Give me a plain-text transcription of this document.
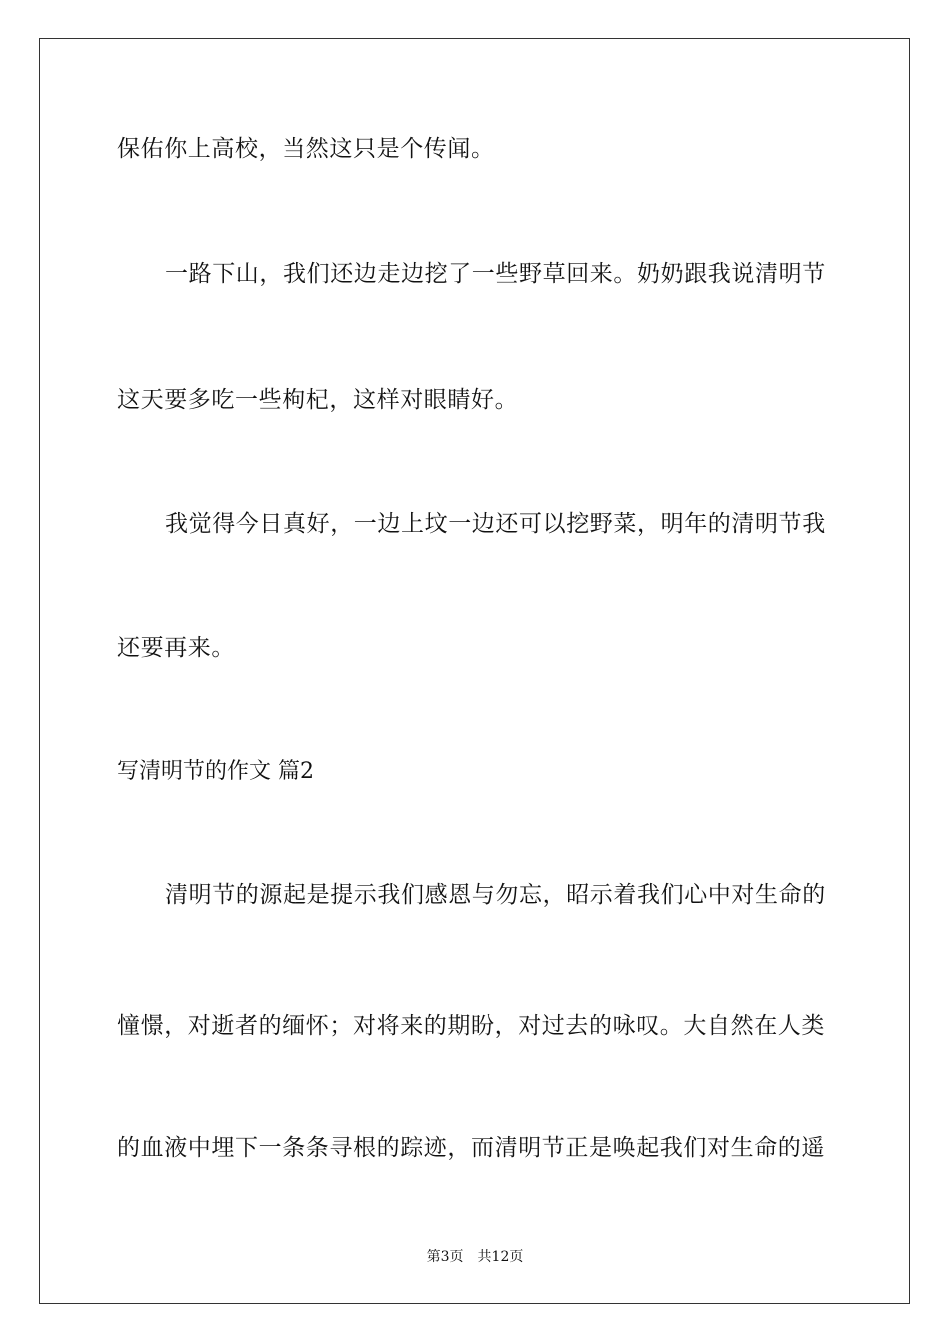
保佑你上高校，当然这只是个传闻。
一路下山，我们还边走边挖了一些野草回来。奶奶跟我说清明节
这天要多吃一些枸杞，这样对眼睛好。
我觉得今日真好，一边上坟一边还可以挖野菜，明年的清明节我
还要再来。
写清明节的作文 篇2
清明节的源起是提示我们感恩与勿忘，昭示着我们心中对生命的
憧憬，对逝者的缅怀；对将来的期盼，对过去的咏叹。大自然在人类
的血液中埋下一条条寻根的踪迹，而清明节正是唤起我们对生命的遥
第3页 共12页
